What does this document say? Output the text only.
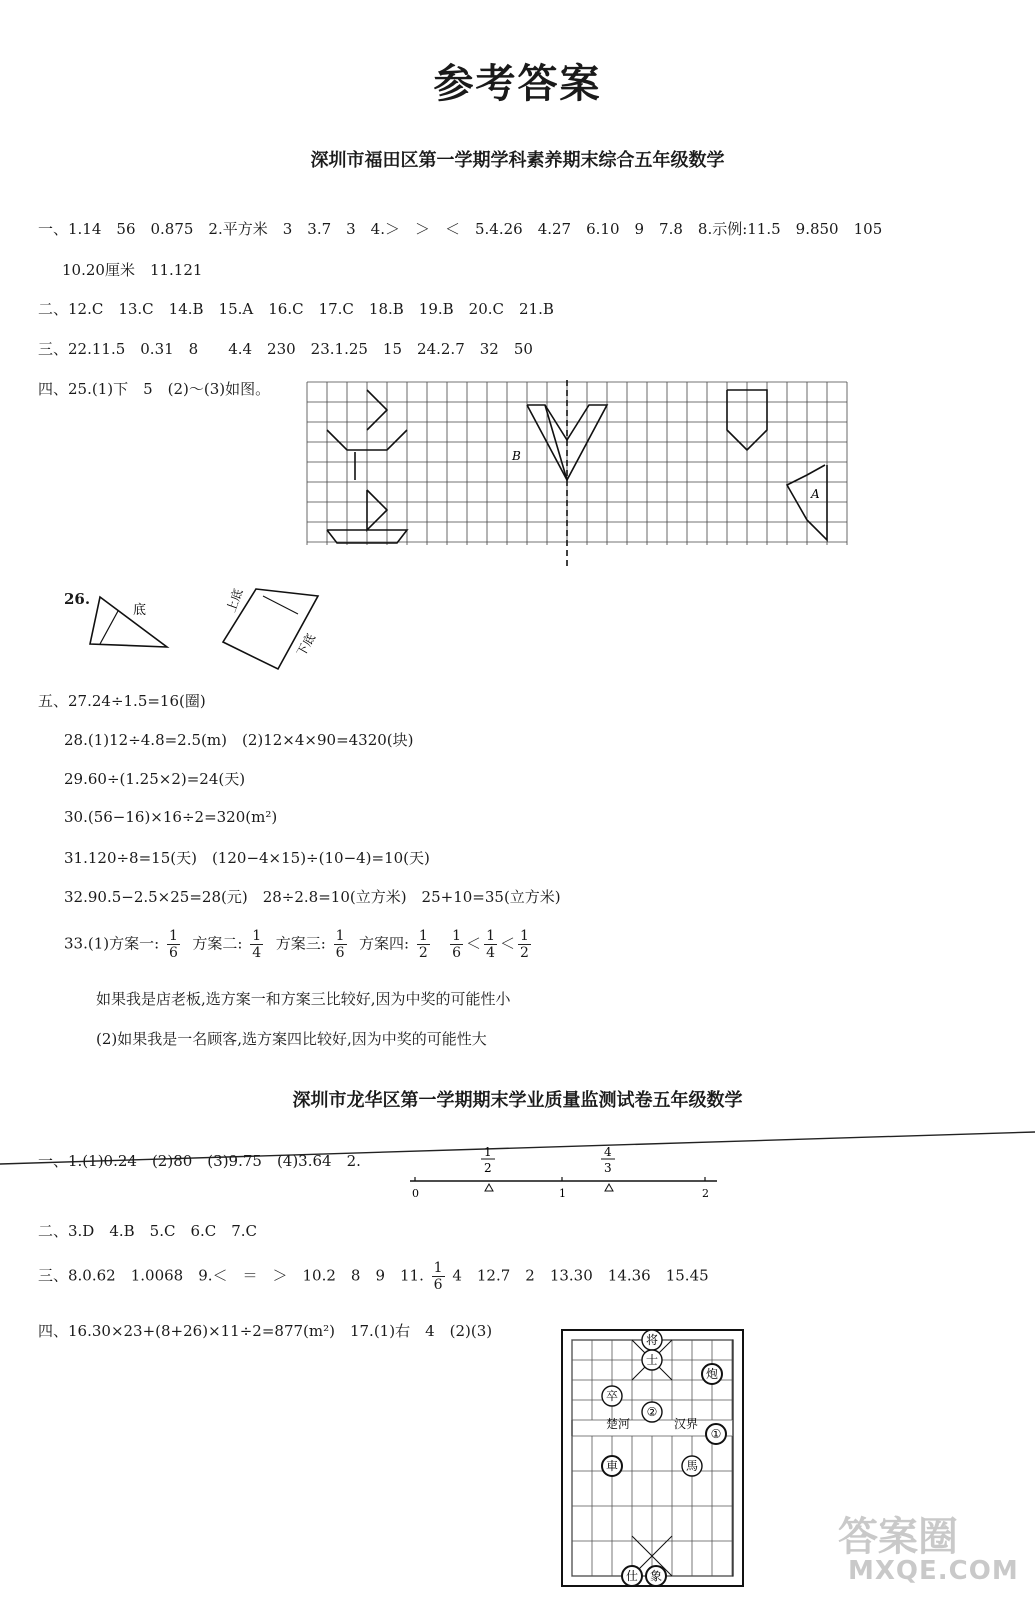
参考答案
深圳市福田区第一学期学科素养期末综合五年级数学
一、1.14　56　0.875　2.平方米　3　3.7　3　4.＞　＞　＜　5.4.26　4.27　6.10　9　7.8　8.示例:11.5　9.850　105
10.20厘米　11.121
二、12.C　13.C　14.B　15.A　16.C　17.C　18.B　19.B　20.C　21.B
三、22.11.5　0.31　8　　4.4　230　23.1.25　15　24.2.7　32　50
四、25.(1)下　5　(2)～(3)如图。
B
A
26.
底	上底
下底
五、27.24÷1.5=16(圈)
28.(1)12÷4.8=2.5(m)　(2)12×4×90=4320(块)
29.60÷(1.25×2)=24(天)
30.(56−16)×16÷2=320(m²)
31.120÷8=15(天)　(120−4×15)÷(10−4)=10(天)
32.90.5−2.5×25=28(元)　28÷2.8=10(立方米)　25+10=35(立方米)
33.(1)方案一: $\frac{1}{6}$ 方案二: $\frac{1}{4}$ 方案三: $\frac{1}{6}$ 方案四: $\frac{1}{2}$
$\frac{1}{6} < \frac{1}{4} < \frac{1}{2}$
如果我是店老板,选方案一和方案三比较好,因为中奖的可能性小
(2)如果我是一名顾客,选方案四比较好,因为中奖的可能性大
深圳市龙华区第一学期期末学业质量监测试卷五年级数学
一、1.(1)0.24　(2)80　(3)9.75　(4)3.64　2.	1
2
4
3
0	1	2
二、3.D　4.B　5.C　6.C　7.C
三、8.0.62　1.0068　9.＜　＝　＞　10.2　8　9　11. $\frac{1}{6} 4$　12.7　2　13.30　14.36　15.45
四、16.30×23+(8+26)×11÷2=877(m²)　17.(1)右　4　(2)(3)	将
士
炮
卒
②
楚河	汉界
①
車	馬
仕 象
答案圈
MXQE.COM
